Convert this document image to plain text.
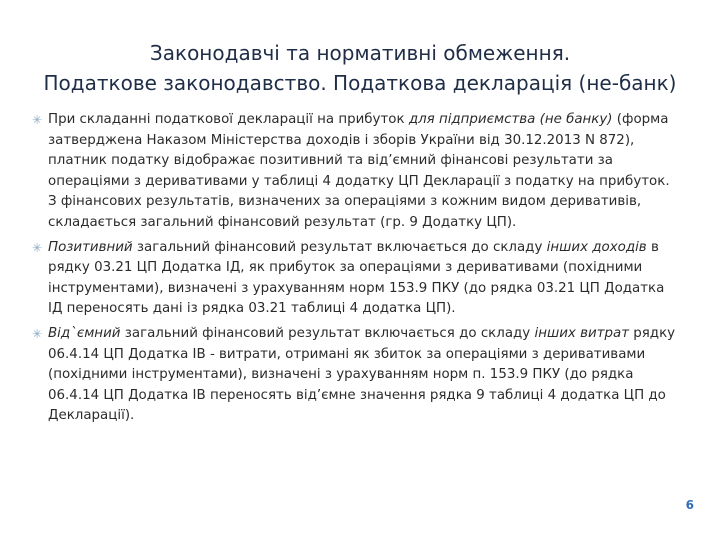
Законодавчі та нормативні обмеження.
Податкове законодавство. Податкова декларація (не-банк)
✳ При складанні податкової декларації на прибуток для підприємства (не банку) (форма затверджена Наказом Міністерства доходів і зборів України від 30.12.2013 N 872), платник податку відображає позитивний та від’ємний фінансові результати за операціями з деривативами у таблиці 4 додатку ЦП Декларації з податку на прибуток. З фінансових результатів, визначених за операціями з кожним видом деривативів, складається загальний фінансовий результат (гр. 9 Додатку ЦП).
✳ Позитивний загальний фінансовий результат включається до складу інших доходів в рядку 03.21 ЦП Додатка ІД, як прибуток за операціями з деривативами (похідними інструментами), визначені з урахуванням норм 153.9 ПКУ (до рядка 03.21 ЦП Додатка ІД переносять дані із рядка 03.21 таблиці 4 додатка ЦП).
✳ Від`ємний загальний фінансовий результат включається до складу інших витрат рядку 06.4.14 ЦП Додатка ІВ - витрати, отримані як збиток за операціями з деривативами (похідними інструментами), визначені з урахуванням норм п. 153.9 ПКУ (до рядка 06.4.14 ЦП Додатка ІВ переносять від’ємне значення рядка 9 таблиці 4 додатка ЦП до Декларації).
6
